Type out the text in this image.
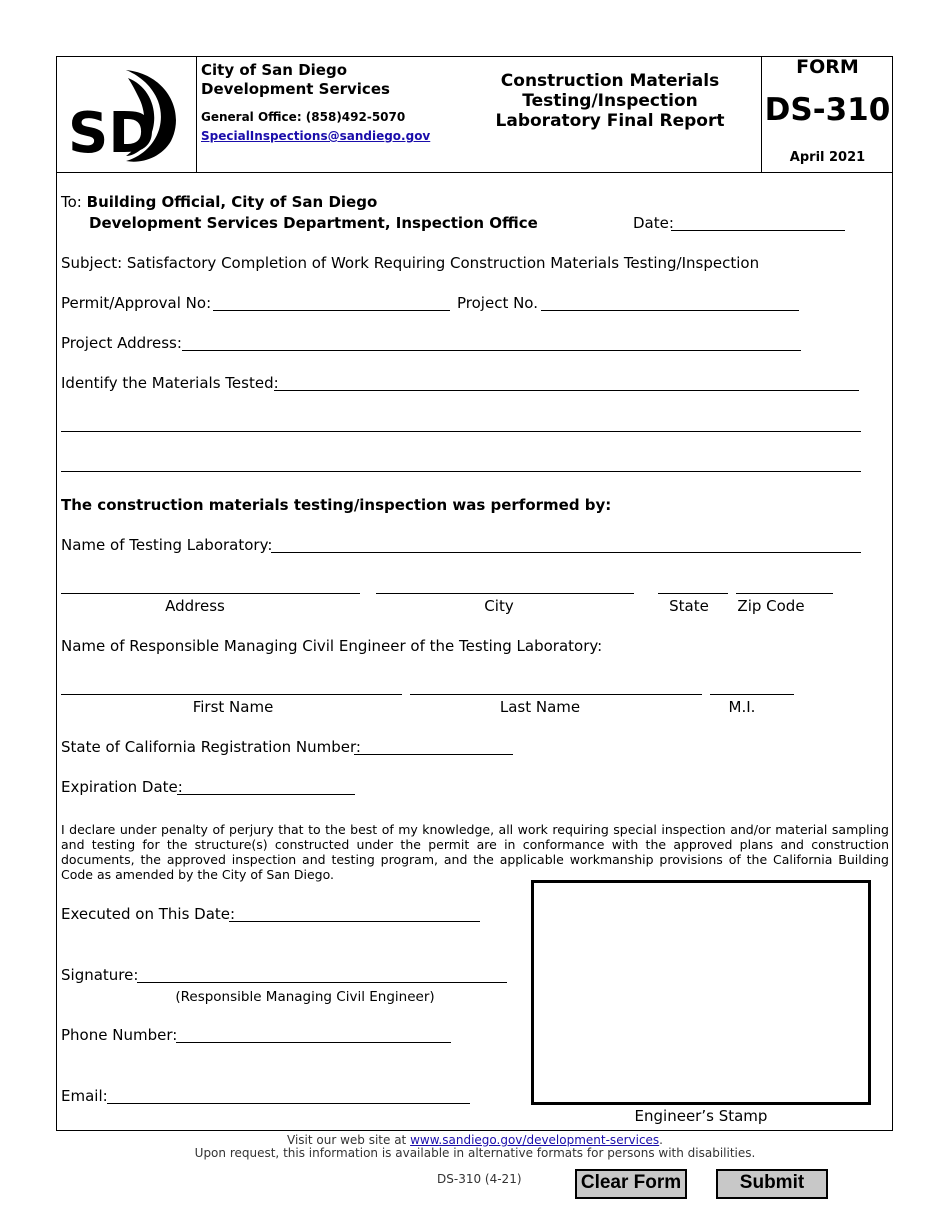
SD
City of San Diego
Development Services
General Office: (858)492-5070
SpecialInspections@sandiego.gov
Construction Materials
Testing/Inspection
Laboratory Final Report
FORM
DS-310
April 2021
To: Building Official, City of San Diego
Development Services Department, Inspection Office	Date:
Subject: Satisfactory Completion of Work Requiring Construction Materials Testing/Inspection
Permit/Approval No:	Project No.
Project Address:
Identify the Materials Tested:
The construction materials testing/inspection was performed by:
Name of Testing Laboratory:
Address	City	State	Zip Code
Name of Responsible Managing Civil Engineer of the Testing Laboratory:
First Name	Last Name	M.I.
State of California Registration Number:
Expiration Date:
I declare under penalty of perjury that to the best of my knowledge, all work requiring special inspection and/or material sampling and testing for the structure(s) constructed under the permit are in conformance with the approved plans and construction documents, the approved inspection and testing program, and the applicable workmanship provisions of the California Building Code as amended by the City of San Diego.
Executed on This Date:
Signature:
(Responsible Managing Civil Engineer)
Phone Number:
Email:
Engineer’s Stamp
Visit our web site at www.sandiego.gov/development-services.
Upon request, this information is available in alternative formats for persons with disabilities.
DS-310 (4-21)	Clear Form	Submit
